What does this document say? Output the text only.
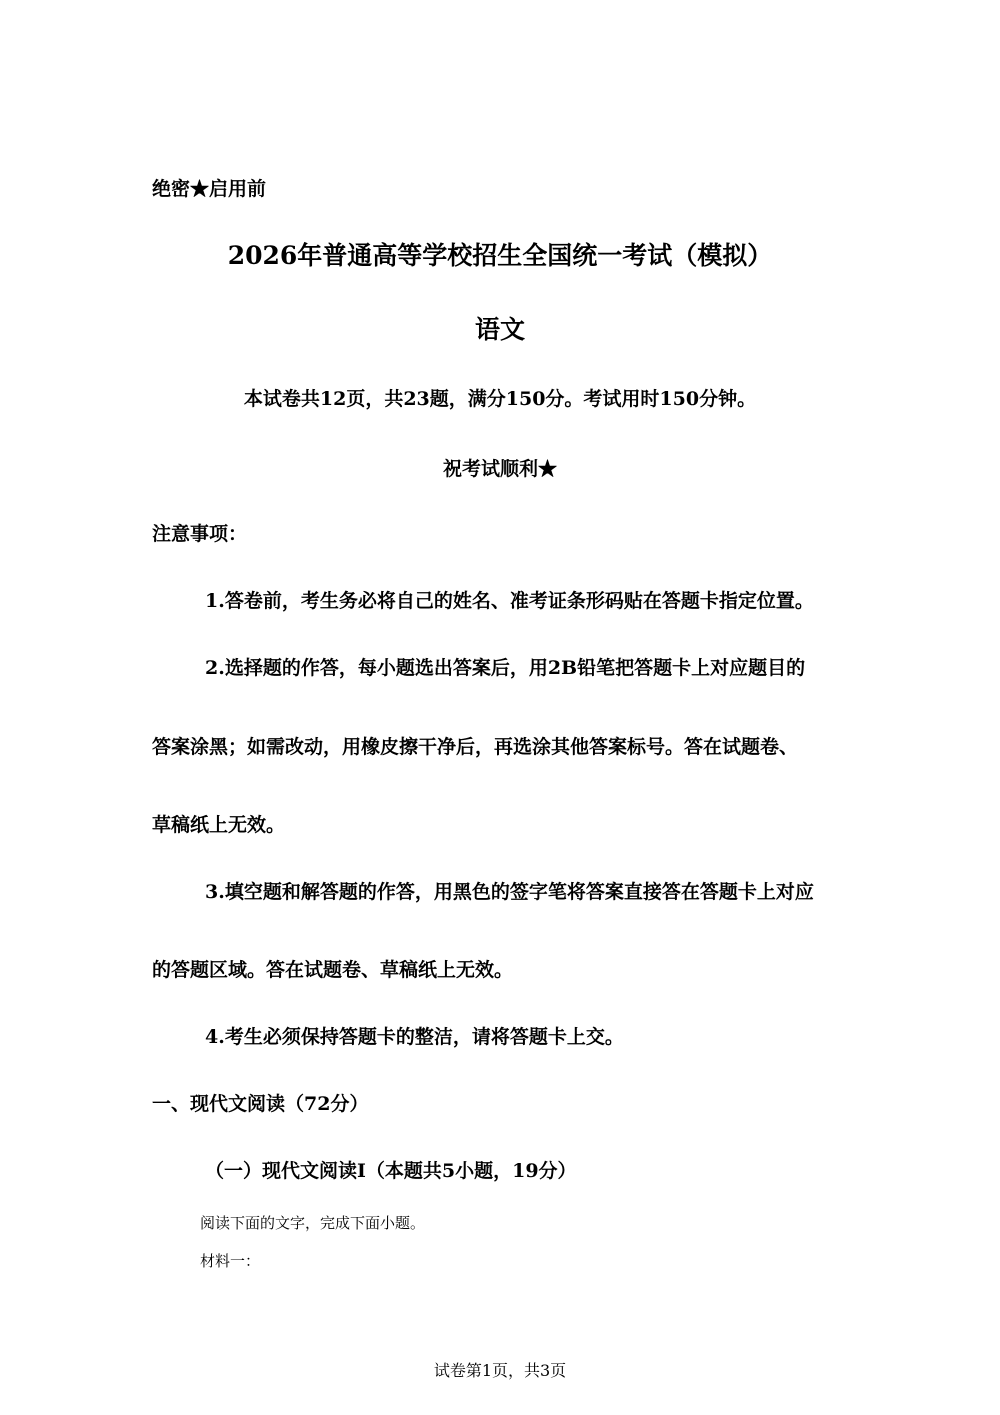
绝密★启用前
2026年普通高等学校招生全国统一考试（模拟）
语文
本试卷共12页，共23题，满分150分。考试用时150分钟。
祝考试顺利★
注意事项：
1.答卷前，考生务必将自己的姓名、准考证条形码贴在答题卡指定位置。
2.选择题的作答，每小题选出答案后，用2B铅笔把答题卡上对应题目的
答案涂黑；如需改动，用橡皮擦干净后，再选涂其他答案标号。答在试题卷、
草稿纸上无效。
3.填空题和解答题的作答，用黑色的签字笔将答案直接答在答题卡上对应
的答题区域。答在试题卷、草稿纸上无效。
4.考生必须保持答题卡的整洁，请将答题卡上交。
一、现代文阅读（72分）
（一）现代文阅读Ⅰ（本题共5小题，19分）
阅读下面的文字，完成下面小题。
材料一：
试卷第1页，共3页
